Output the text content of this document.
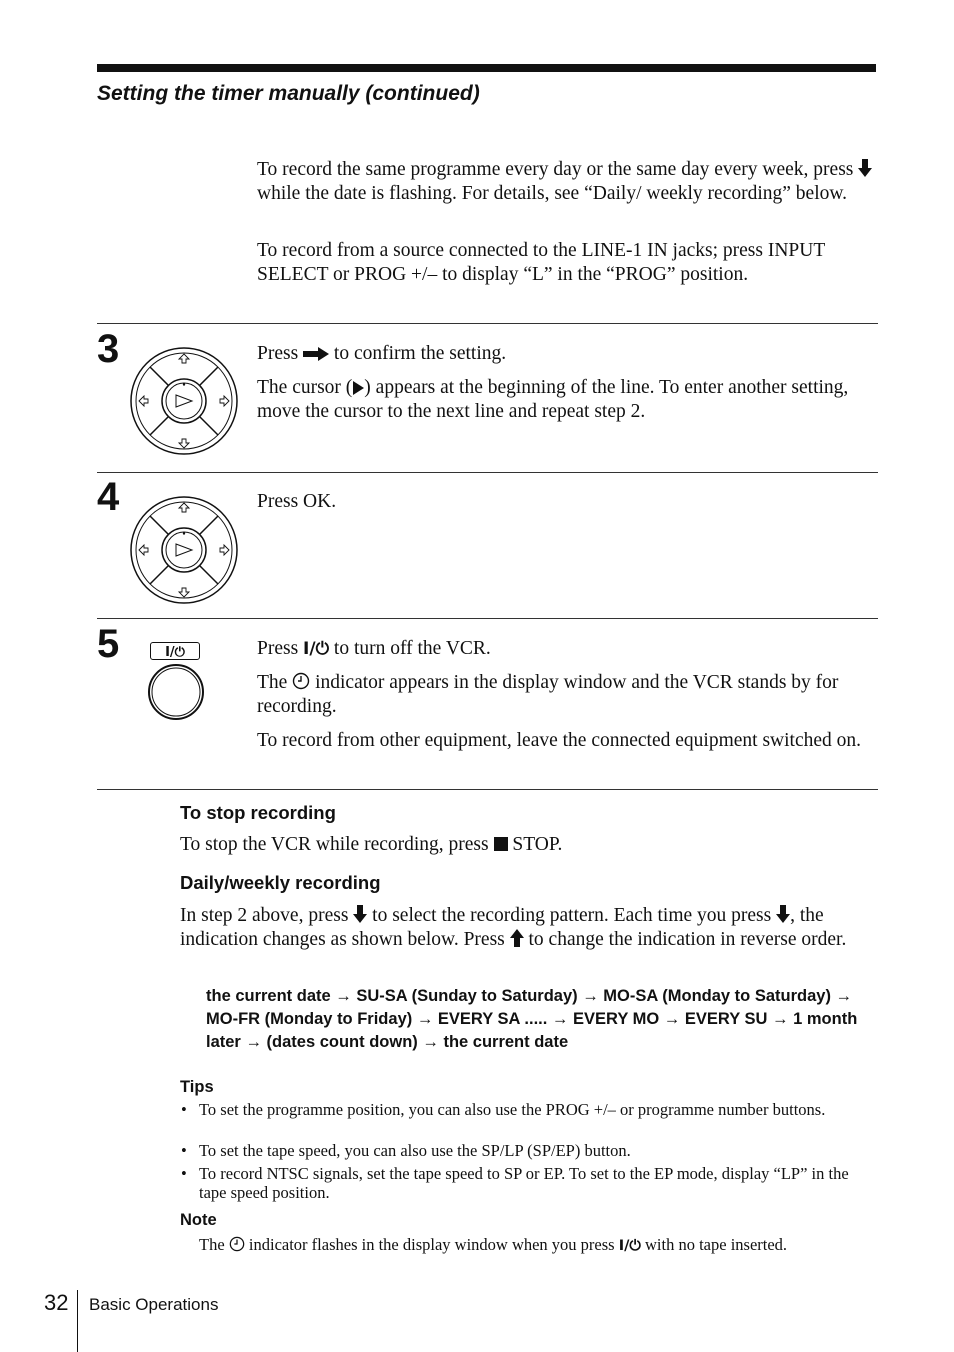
Setting the timer manually (continued)
To record the same programme every day or the same day every week, press  while the date is flashing. For details, see “Daily/ weekly recording” below.
To record from a source connected to the LINE-1 IN jacks; press INPUT SELECT or PROG +/– to display “L” in the “PROG” position.
3	Press  to confirm the setting.
The cursor ( ) appears at the beginning of the line. To enter another setting, move the cursor to the next line and repeat step 2.
4	Press OK.
5	I/⏻	Press I/⏻ to turn off the VCR.
The  indicator appears in the display window and the VCR stands by for recording.
To record from other equipment, leave the connected equipment switched on.
To stop recording
To stop the VCR while recording, press  STOP.
Daily/weekly recording
In step 2 above, press  to select the recording pattern. Each time you press , the indication changes as shown below. Press  to change the indication in reverse order.
the current date → SU-SA (Sunday to Saturday) → MO-SA (Monday to Saturday) → MO-FR (Monday to Friday) → EVERY SA ..... → EVERY MO → EVERY SU → 1 month later → (dates count down) → the current date
Tips
• To set the programme position, you can also use the PROG +/– or programme number buttons.
• To set the tape speed, you can also use the SP/LP (SP/EP) button.
• To record NTSC signals, set the tape speed to SP or EP. To set to the EP mode, display “LP” in the tape speed position.
Note
The  indicator flashes in the display window when you press I/⏻ with no tape inserted.
32 Basic Operations
